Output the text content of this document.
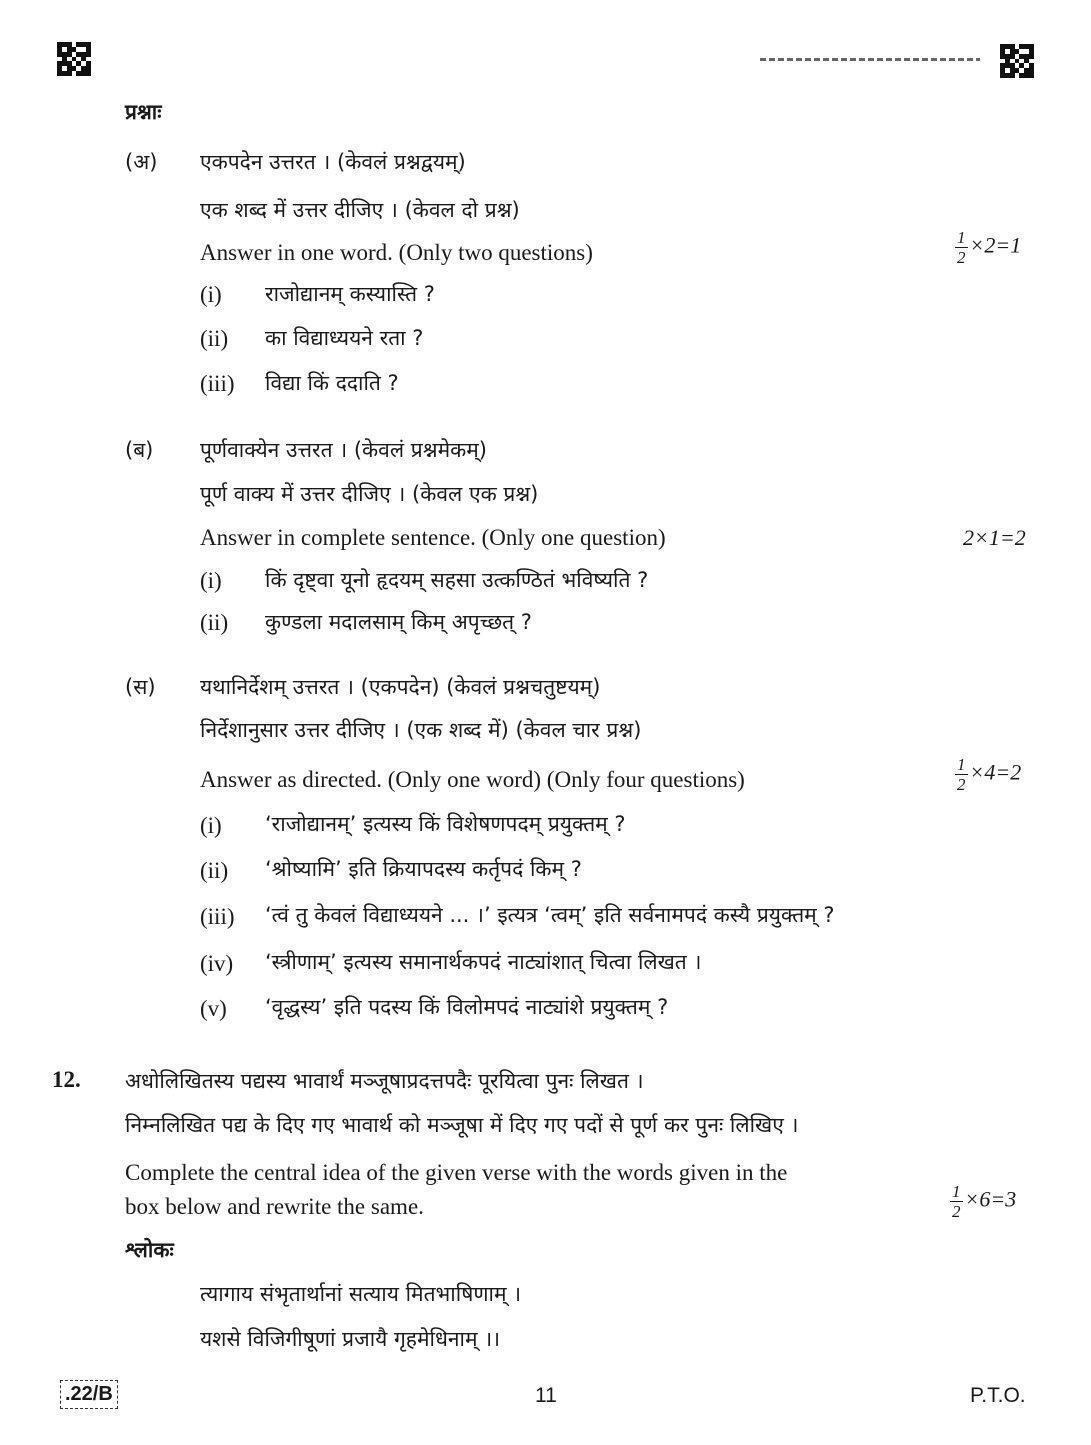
प्रश्नाः
(अ) एकपदेन उत्तरत । (केवलं प्रश्नद्वयम्)
एक शब्द में उत्तर दीजिए । (केवल दो प्रश्न)
Answer in one word. (Only two questions)	$\frac{1}{2} \times 2=1$
(i) राजोद्यानम् कस्यास्ति ?
(ii) का विद्याध्ययने रता ?
(iii) विद्या किं ददाति ?
(ब) पूर्णवाक्येन उत्तरत । (केवलं प्रश्नमेकम्)
पूर्ण वाक्य में उत्तर दीजिए । (केवल एक प्रश्न)
Answer in complete sentence. (Only one question)	2×1=2
(i) किं दृष्ट्वा यूनो हृदयम् सहसा उत्कण्ठितं भविष्यति ?
(ii) कुण्डला मदालसाम् किम् अपृच्छत् ?
(स) यथानिर्देशम् उत्तरत । (एकपदेन) (केवलं प्रश्नचतुष्टयम्)
निर्देशानुसार उत्तर दीजिए । (एक शब्द में) (केवल चार प्रश्न)
Answer as directed. (Only one word) (Only four questions)	$\frac{1}{2} \times 4=2$
(i) ‘राजोद्यानम्’ इत्यस्य किं विशेषणपदम् प्रयुक्तम् ?
(ii) ‘श्रोष्यामि’ इति क्रियापदस्य कर्तृपदं किम् ?
(iii) ‘त्वं तु केवलं विद्याध्ययने ... ।’ इत्यत्र ‘त्वम्’ इति सर्वनामपदं कस्यै प्रयुक्तम् ?
(iv) ‘स्त्रीणाम्’ इत्यस्य समानार्थकपदं नाट्यांशात् चित्वा लिखत ।
(v) ‘वृद्धस्य’ इति पदस्य किं विलोमपदं नाट्यांशे प्रयुक्तम् ?
12. अधोलिखितस्य पद्यस्य भावार्थं मञ्जूषाप्रदत्तपदैः पूरयित्वा पुनः लिखत ।
निम्नलिखित पद्य के दिए गए भावार्थ को मञ्जूषा में दिए गए पदों से पूर्ण कर पुनः लिखिए ।
Complete the central idea of the given verse with the words given in the
box below and rewrite the same.	$\frac{1}{2} \times 6=3$
श्लोकः
त्यागाय संभृतार्थानां सत्याय मितभाषिणाम् ।
यशसे विजिगीषूणां प्रजायै गृहमेधिनाम् ।।
.22/B	11	P.T.O.
